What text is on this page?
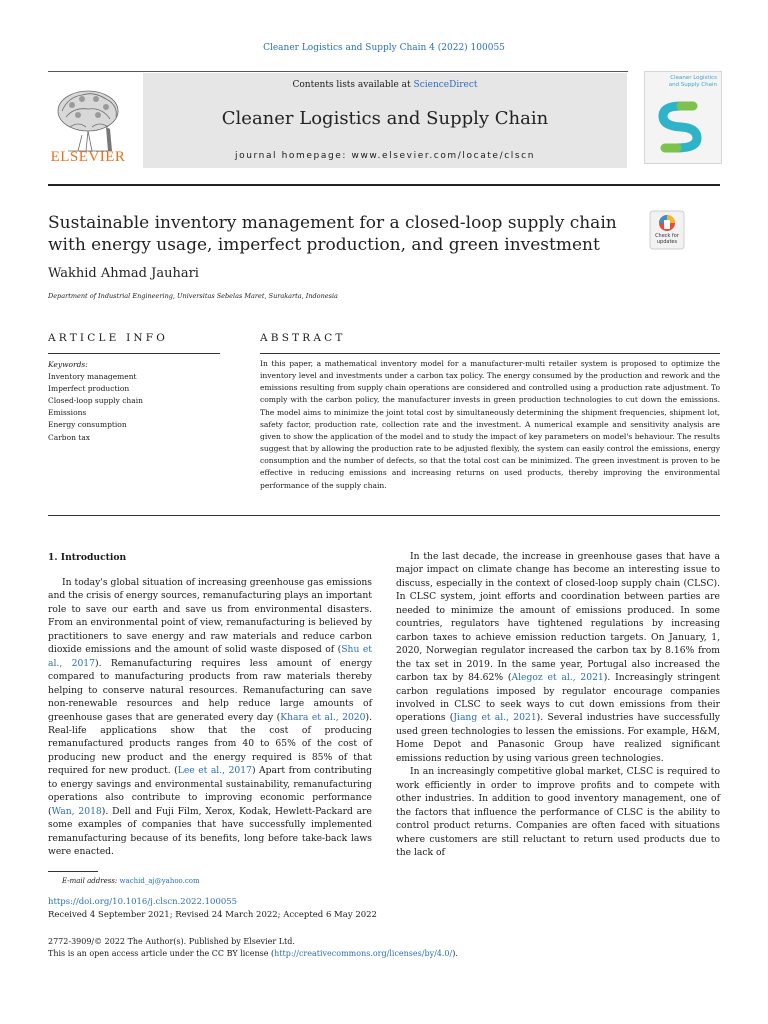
Cleaner Logistics and Supply Chain 4 (2022) 100055
ELSEVIER
Contents lists available at ScienceDirect
Cleaner Logistics and Supply Chain
journal homepage: www.elsevier.com/locate/clscn
Cleaner Logistics and Supply Chain
Sustainable inventory management for a closed-loop supply chain with energy usage, imperfect production, and green investment	Check for updates
Wakhid Ahmad Jauhari
Department of Industrial Engineering, Universitas Sebelas Maret, Surakarta, Indonesia
ARTICLE INFO	ABSTRACT
Keywords:
Inventory management
Imperfect production
Closed-loop supply chain
Emissions
Energy consumption
Carbon tax
In this paper, a mathematical inventory model for a manufacturer-multi retailer system is proposed to optimize the inventory level and investments under a carbon tax policy. The energy consumed by the production and rework and the emissions resulting from supply chain operations are considered and controlled using a production rate adjustment. To comply with the carbon policy, the manufacturer invests in green production technologies to cut down the emissions. The model aims to minimize the joint total cost by simultaneously determining the shipment frequencies, shipment lot, safety factor, production rate, collection rate and the investment. A numerical example and sensitivity analysis are given to show the application of the model and to study the impact of key parameters on model's behaviour. The results suggest that by allowing the production rate to be adjusted flexibly, the system can easily control the emissions, energy consumption and the number of defects, so that the total cost can be minimized. The green investment is proven to be effective in reducing emissions and increasing returns on used products, thereby improving the environmental performance of the supply chain.
1. Introduction

In today's global situation of increasing greenhouse gas emissions and the crisis of energy sources, remanufacturing plays an important role to save our earth and save us from environmental disasters. From an environmental point of view, remanufacturing is believed by practitioners to save energy and raw materials and reduce carbon dioxide emissions and the amount of solid waste disposed of (Shu et al., 2017). Remanufacturing requires less amount of energy compared to manufacturing products from raw materials thereby helping to conserve natural resources. Remanufacturing can save non-renewable resources and help reduce large amounts of greenhouse gases that are generated every day (Khara et al., 2020). Real-life applications show that the cost of producing remanufactured products ranges from 40 to 65% of the cost of producing new product and the energy required is 85% of that required for new product. (Lee et al., 2017) Apart from contributing to energy savings and environmental sustainability, remanufacturing operations also contribute to improving economic performance (Wan, 2018). Dell and Fuji Film, Xerox, Kodak, Hewlett-Packard are some examples of companies that have successfully implemented remanufacturing because of its benefits, long before take-back laws were enacted.

In the last decade, the increase in greenhouse gases that have a major impact on climate change has become an interesting issue to discuss, especially in the context of closed-loop supply chain (CLSC). In CLSC system, joint efforts and coordination between parties are needed to minimize the amount of emissions produced. In some countries, regulators have tightened regulations by increasing carbon taxes to achieve emission reduction targets. On January, 1, 2020, Norwegian regulator increased the carbon tax by 8.16% from the tax set in 2019. In the same year, Portugal also increased the carbon tax by 84.62% (Alegoz et al., 2021). Increasingly stringent carbon regulations imposed by regulator encourage companies involved in CLSC to seek ways to cut down emissions from their operations (Jiang et al., 2021). Several industries have successfully used green technologies to lessen the emissions. For example, H&M, Home Depot and Panasonic Group have realized significant emissions reduction by using various green technologies.

In an increasingly competitive global market, CLSC is required to work efficiently in order to improve profits and to compete with other industries. In addition to good inventory management, one of the factors that influence the performance of CLSC is the ability to control product returns. Companies are often faced with situations where customers are still reluctant to return used products due to the lack of

E-mail address: wachid_aj@yahoo.com
https://doi.org/10.1016/j.clscn.2022.100055
Received 4 September 2021; Revised 24 March 2022; Accepted 6 May 2022
2772-3909/© 2022 The Author(s). Published by Elsevier Ltd.
This is an open access article under the CC BY license (http://creativecommons.org/licenses/by/4.0/).
